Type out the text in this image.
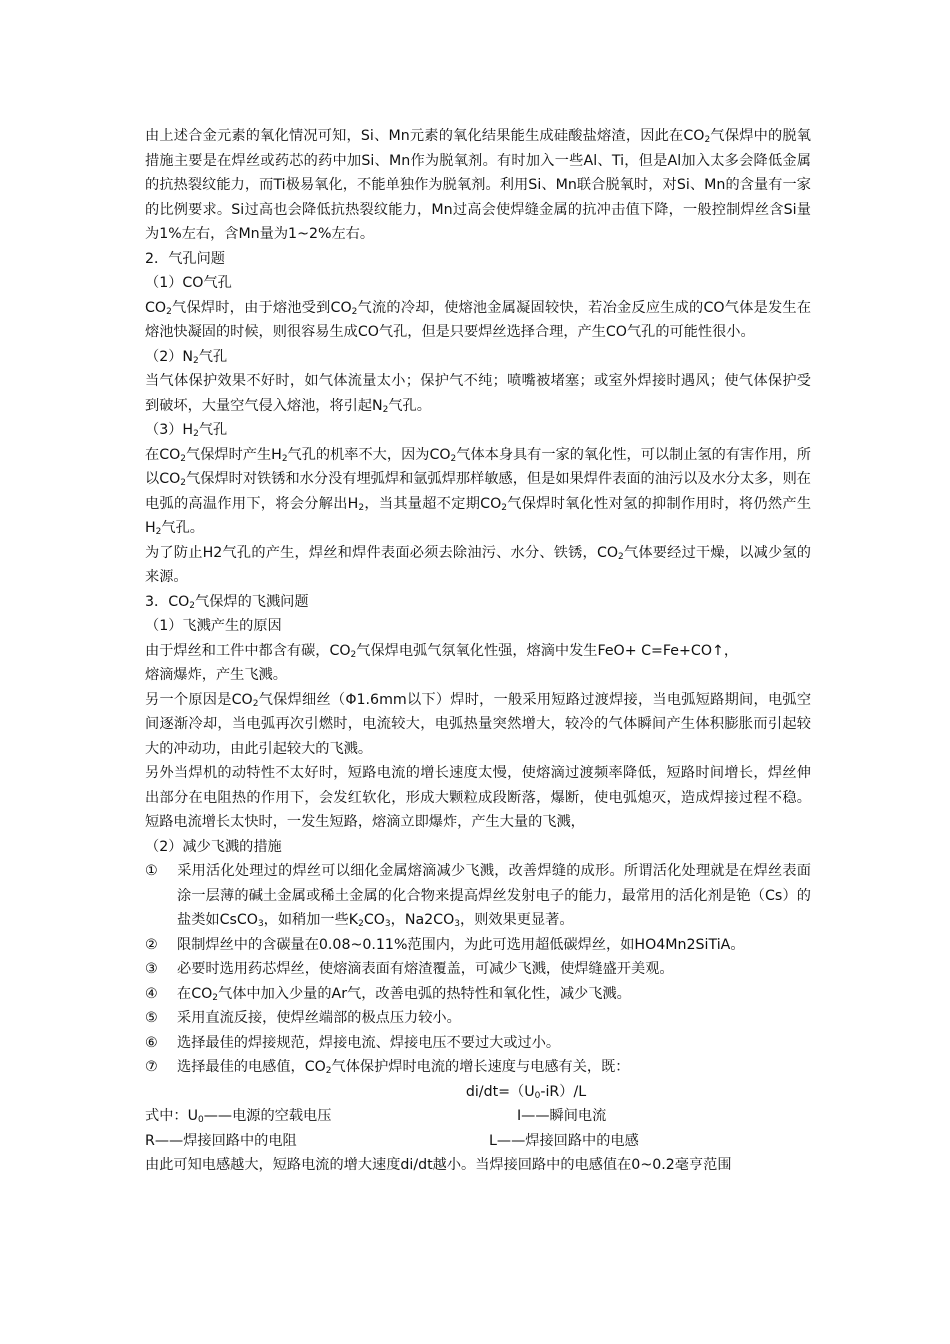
由上述合金元素的氧化情况可知，Si、Mn元素的氧化结果能生成硅酸盐熔渣，因此在$CO_2$气保焊中的脱氧措施主要是在焊丝或药芯的药中加Si、Mn作为脱氧剂。有时加入一些Al、Ti，但是Al加入太多会降低金属的抗热裂纹能力，而Ti极易氧化，不能单独作为脱氧剂。利用Si、Mn联合脱氧时，对Si、Mn的含量有一家的比例要求。Si过高也会降低抗热裂纹能力，Mn过高会使焊缝金属的抗冲击值下降，一般控制焊丝含Si量为1%左右，含Mn量为1~2%左右。

2．气孔问题

（1）CO气孔

$CO_2$气保焊时，由于熔池受到$CO_2$气流的冷却，使熔池金属凝固较快，若冶金反应生成的CO气体是发生在熔池快凝固的时候，则很容易生成CO气孔，但是只要焊丝选择合理，产生CO气孔的可能性很小。

$(2)N_2$气孔

当气体保护效果不好时，如气体流量太小；保护气不纯；喷嘴被堵塞；或室外焊接时遇风；使气体保护受到破坏，大量空气侵入熔池，将引起$N_2$气孔。

$(3)H_2$气孔

在$CO_2$气保焊时产生$H_2$气孔的机率不大，因为$CO_2$气体本身具有一家的氧化性，可以制止氢的有害作用，所以$CO_2$气保焊时对铁锈和水分没有埋弧焊和氩弧焊那样敏感，但是如果焊件表面的油污以及水分太多，则在电弧的高温作用下，将会分解出$H_2$，当其量超不定期$CO_2$气保焊时氧化性对氢的抑制作用时，将仍然产生$H_2$气孔。

为了防止H2气孔的产生，焊丝和焊件表面必须去除油污、水分、铁锈，$CO_2$气体要经过干燥，以减少氢的来源。

3．$CO_2$气保焊的飞溅问题

（1）飞溅产生的原因

由于焊丝和工件中都含有碳，$CO_2$气保焊电弧气氛氧化性强，熔滴中发生FeO+ C=Fe+CO↑，

熔滴爆炸，产生飞溅。

另一个原因是$CO_2$气保焊细丝（Φ1.6mm以下）焊时，一般采用短路过渡焊接，当电弧短路期间，电弧空间逐渐冷却，当电弧再次引燃时，电流较大，电弧热量突然增大，较冷的气体瞬间产生体积膨胀而引起较大的冲动功，由此引起较大的飞溅。

另外当焊机的动特性不太好时，短路电流的增长速度太慢，使熔滴过渡频率降低，短路时间增长，焊丝伸出部分在电阻热的作用下，会发红软化，形成大颗粒成段断落，爆断，使电弧熄灭，造成焊接过程不稳。短路电流增长太快时，一发生短路，熔滴立即爆炸，产生大量的飞溅，

（2）减少飞溅的措施

① 采用活化处理过的焊丝可以细化金属熔滴减少飞溅，改善焊缝的成形。所谓活化处理就是在焊丝表面涂一层薄的碱土金属或稀土金属的化合物来提高焊丝发射电子的能力，最常用的活化剂是铯（Cs）的盐类如CsCO$_3$，如稍加一些$K_2CO_3$，$Na2CO_3$，则效果更显著。

② 限制焊丝中的含碳量在0.08~0.11%范围内，为此可选用超低碳焊丝，如HO4Mn2SiTiA。

③ 必要时选用药芯焊丝，使熔滴表面有熔渣覆盖，可减少飞溅，使焊缝盛开美观。

④ 在$CO_2$气体中加入少量的Ar气，改善电弧的热特性和氧化性，减少飞溅。

⑤ 采用直流反接，使焊丝端部的极点压力较小。

⑥ 选择最佳的焊接规范，焊接电流、焊接电压不要过大或过小。

⑦ 选择最佳的电感值，$CO_2$气体保护焊时电流的增长速度与电感有关，既：

$di/dt=(U_0-iR)/L$

式中：$U_0——$电源的空载电压	I——瞬间电流
R——焊接回路中的电阻	L——焊接回路中的电感

由此可知电感越大，短路电流的增大速度di/dt越小。当焊接回路中的电感值在0~0.2毫亨范围
